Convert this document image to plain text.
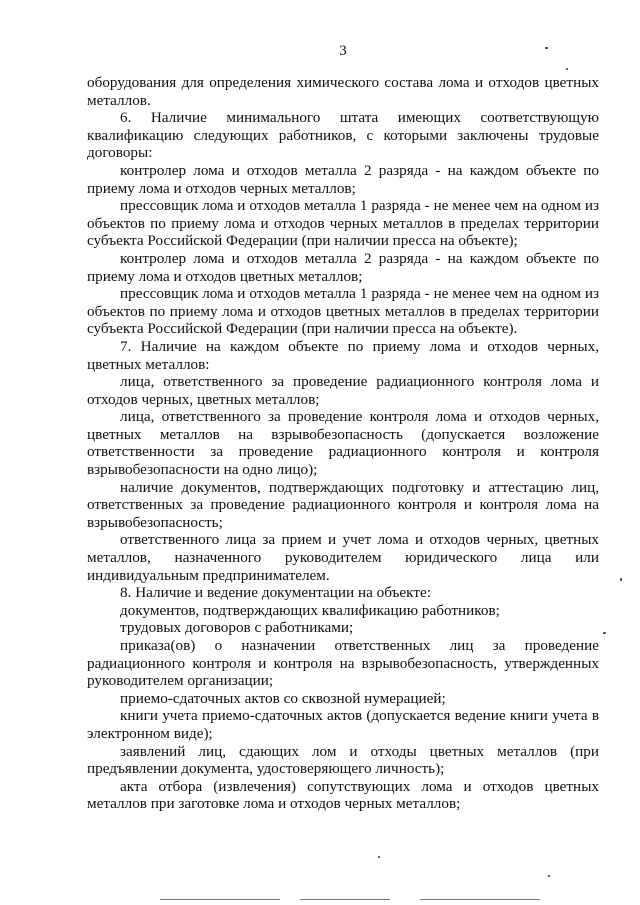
3

оборудования для определения химического состава лома и отходов цветных металлов.

6.    Наличие    минимального    штата    имеющих    соответствующую квалификацию следующих работников, с которыми заключены трудовые договоры:

контролер лома и отходов металла 2 разряда - на каждом объекте по приему лома и отходов черных металлов;

прессовщик лома и отходов металла 1 разряда - не менее чем на одном из объектов по приему лома и отходов черных металлов в пределах территории субъекта Российской Федерации (при наличии пресса на объекте);

контролер лома и отходов металла 2 разряда - на каждом объекте по приему лома и отходов цветных металлов;

прессовщик лома и отходов металла 1 разряда - не менее чем на одном из объектов по приему лома и отходов цветных металлов в пределах территории субъекта Российской Федерации (при наличии пресса на объекте).

7. Наличие на каждом объекте по приему лома и отходов черных, цветных металлов:

лица, ответственного за проведение радиационного контроля лома и отходов черных, цветных металлов;

лица, ответственного за проведение контроля лома и отходов черных, цветных металлов на взрывобезопасность (допускается возложение ответственности за проведение радиационного контроля и контроля взрывобезопасности на одно лицо);

наличие документов, подтверждающих подготовку и аттестацию лиц, ответственных за проведение радиационного контроля и контроля лома на взрывобезопасность;

ответственного лица за прием и учет лома и отходов черных, цветных металлов, назначенного руководителем юридического лица или индивидуальным предпринимателем.

8. Наличие и ведение документации на объекте:

документов, подтверждающих квалификацию работников;

трудовых договоров с работниками;

приказа(ов) о назначении ответственных лиц за проведение радиационного контроля и контроля на взрывобезопасность, утвержденных руководителем организации;

приемо-сдаточных актов со сквозной нумерацией;

книги учета приемо-сдаточных актов (допускается ведение книги учета в электронном виде);

заявлений лиц, сдающих лом и отходы цветных металлов (при предъявлении документа, удостоверяющего личность);

акта отбора (извлечения) сопутствующих лома и отходов цветных металлов при заготовке лома и отходов черных металлов;
